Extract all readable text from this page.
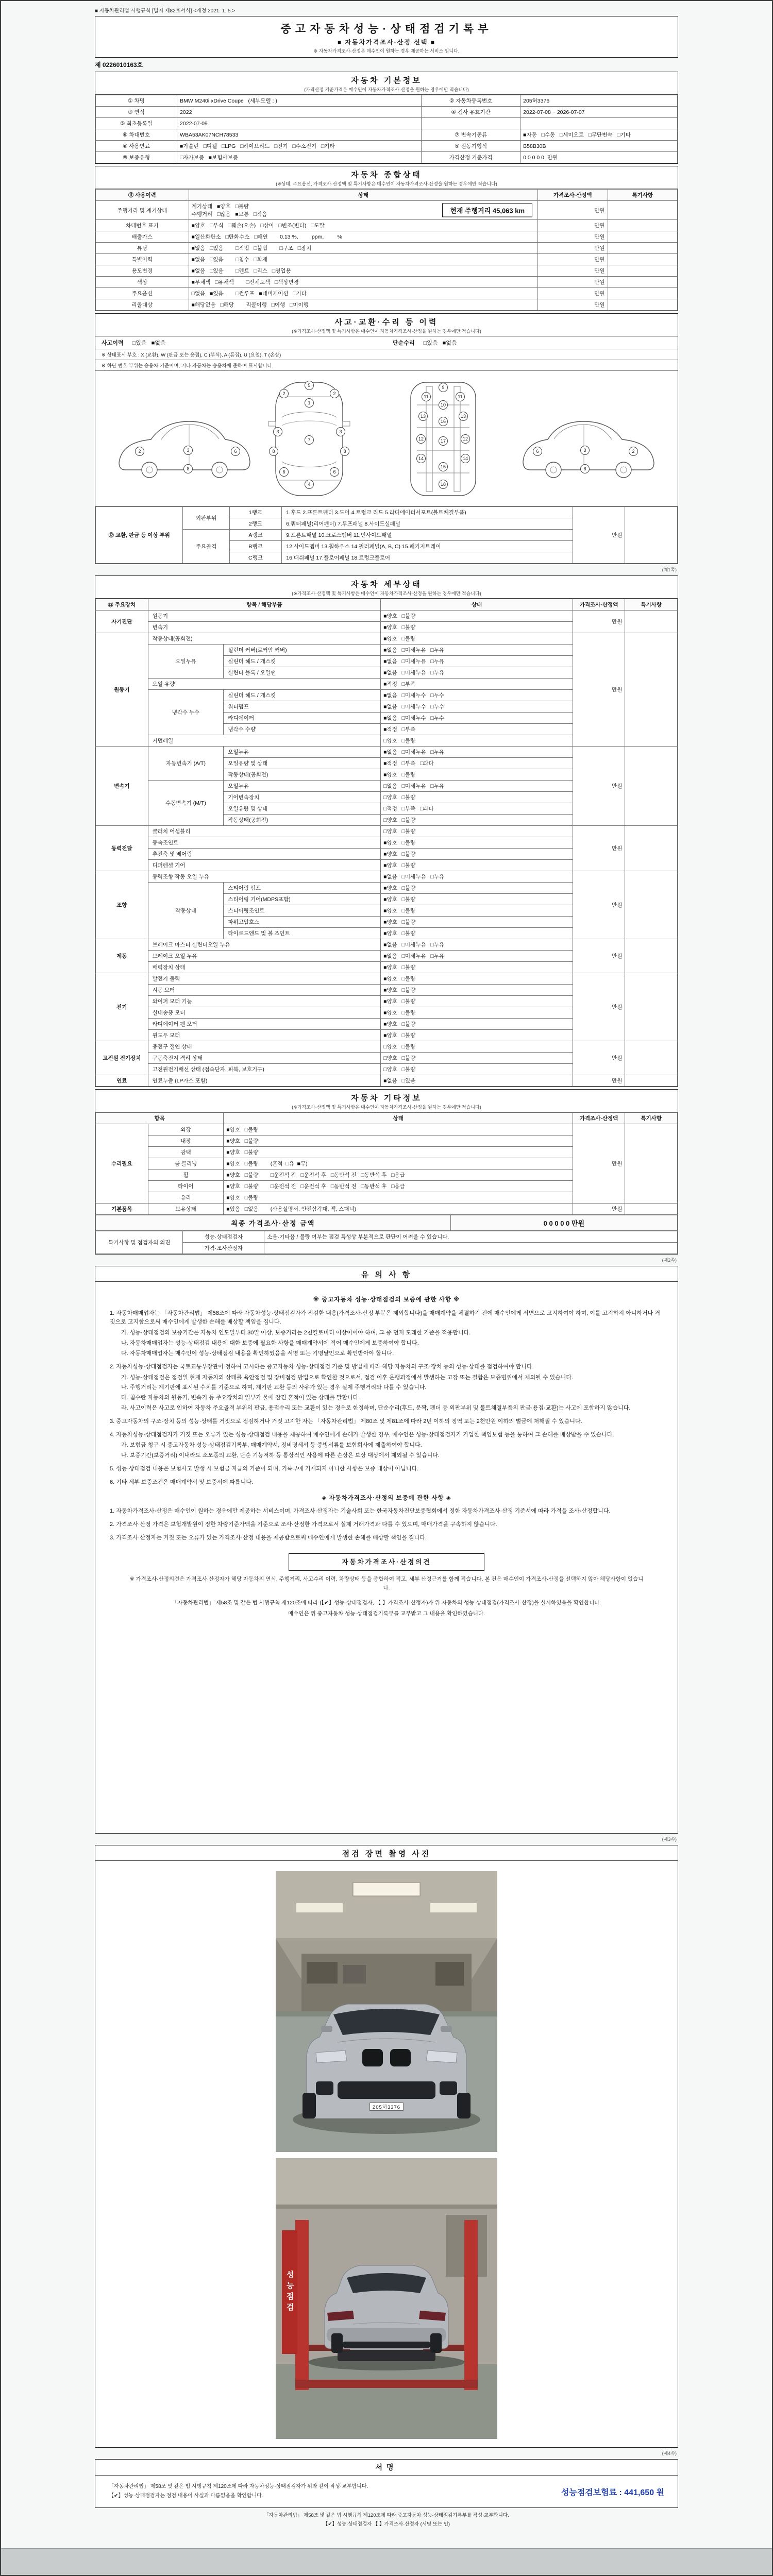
■ 자동차관리법 시행규칙 [별지 제82호서식] <개정 2021. 1. 5.>
중고자동차성능·상태점검기록부
■ 자동차가격조사·산정 선택 ■
※ 자동차가격조사·산정은 매수인이 원하는 경우 제공하는 서비스 입니다.
제 0226010163호
자동차 기본정보
(가격산정 기준가격은 매수인이 자동차가격조사·산정을 원하는 경우에만 적습니다)
① 차명	BMW M240i xDrive Coupe   (세부모델 : )	② 자동차등록번호	205허3376
③ 연식	2022	④ 검사 유효기간	2022-07-08 ~ 2026-07-07
⑤ 최초등록일	2022-07-09		
⑥ 차대번호	WBA53AK07NCH78533	⑦ 변속기종류	■자동   □수동   □세미오토   □무단변속   □기타
⑧ 사용연료	■가솔린   □디젤   □LPG   □하이브리드   □전기   □수소전기   □기타	⑨ 원동기형식	B58B30B
⑩ 보증유형	□자가보증   ■보험사보증	가격산정 기준가격	0 0 0 0 0  만원
자동차 종합상태
(※상태, 주요옵션, 가격조사·산정액 및 특기사항은 매수인이 자동차가격조사·산정을 원하는 경우에만 적습니다)
⑪ 사용이력	상태	가격조사·산정액	특기사항
주행거리 및 계기상태	계기상태   ■양호   □불량
주행거리   □많음   ■보통   □적음 현재 주행거리 45,063 km	만원	
차대번호 표기	■양호   □부식   □훼손(오손)   □상이   □변조(변타)   □도말	만원	
배출가스	■일산화탄소   □탄화수소   □매연        0.13 %,         ppm,         %	만원	
튜닝	■없음   □있음        □적법   □불법        □구조   □장치	만원	
특별이력	■없음   □있음        □침수   □화재	만원	
용도변경	■없음   □있음        □렌트   □리스   □영업용	만원	
색상	■무채색   □유채색        □전체도색   □색상변경	만원	
주요옵션	□없음   ■있음        □썬루프   ■네비게이션   □기타	만원	
리콜대상	■해당없음   □해당        리콜이행   □이행   □미이행	만원	
사고·교환·수리 등 이력
(※가격조사·산정액 및 특기사항은 매수인이 자동차가격조사·산정을 원하는 경우에만 적습니다)
사고이력 □있음   ■없음	단순수리 □있음   ■없음
※ 상태표시 부호 : X (교환), W (판금 또는 용접), C (부식), A (흠집), U (요철), T (손상)
※ 하단 번호 부위는 승용차 기준이며, 기타 자동차는 승용차에 준하여 표시합니다.
2	3	6
8
5
1
2	2
3	3
7
8	8
6	6
4
9
10
11	11
13	13
16
12	12
17
14	14
15
18
6	3	2
8
⑫ 교환, 판금 등 이상 부위	외판부위	1랭크	1.후드 2.프론트펜더 3.도어 4.트렁크 리드 5.라디에이터서포트(볼트체결부품)	만원	
		2랭크	6.쿼터패널(리어펜더) 7.루프패널 8.사이드실패널		
	주요골격	A랭크	9.프론트패널 10.크로스멤버 11.인사이드패널		
		B랭크	12.사이드멤버 13.휠하우스 14.필러패널(A, B, C) 15.패키지트레이		
		C랭크	16.대쉬패널 17.플로어패널 18.트렁크플로어		
(제1쪽)
자동차 세부상태
(※가격조사·산정액 및 특기사항은 매수인이 자동차가격조사·산정을 원하는 경우에만 적습니다)
⑬ 주요장치	항목 / 해당부품		상태	가격조사·산정액	특기사항
자기진단	원동기		■양호   □불량	만원	
	변속기		■양호   □불량		
원동기	작동상태(공회전)		■양호   □불량	만원	
	오일누유	실린더 커버(로커암 커버)	■없음   □미세누유   □누유		
		실린더 헤드 / 개스킷	■없음   □미세누유   □누유		
		실린더 블록 / 오일팬	■없음   □미세누유   □누유		
	오일 유량		■적정   □부족		
	냉각수 누수	실린더 헤드 / 개스킷	■없음   □미세누수   □누수		
		워터펌프	■없음   □미세누수   □누수		
		라디에이터	■없음   □미세누수   □누수		
		냉각수 수량	■적정   □부족		
	커먼레일		□양호   □불량		
변속기	자동변속기 (A/T)	오일누유	■없음   □미세누유   □누유	만원	
		오일유량 및 상태	■적정   □부족   □과다		
		작동상태(공회전)	■양호   □불량		
	수동변속기 (M/T)	오일누유	□없음   □미세누유   □누유		
		기어변속장치	□양호   □불량		
		오일유량 및 상태	□적정   □부족   □과다		
		작동상태(공회전)	□양호   □불량		
동력전달	클러치 어셈블리		□양호   □불량	만원	
	등속조인트		■양호   □불량		
	추진축 및 베어링		■양호   □불량		
	디퍼렌셜 기어		■양호   □불량		
조향	동력조향 작동 오일 누유		■없음   □미세누유   □누유	만원	
	작동상태	스티어링 펌프	■양호   □불량		
		스티어링 기어(MDPS포함)	■양호   □불량		
		스티어링조인트	■양호   □불량		
		파워고압호스	■양호   □불량		
		타이로드엔드 및 볼 조인트	■양호   □불량		
제동	브레이크 마스터 실린더오일 누유		■없음   □미세누유   □누유	만원	
	브레이크 오일 누유		■없음   □미세누유   □누유		
	배력장치 상태		■양호   □불량		
전기	발전기 출력		■양호   □불량	만원	
	시동 모터		■양호   □불량		
	와이퍼 모터 기능		■양호   □불량		
	실내송풍 모터		■양호   □불량		
	라디에이터 팬 모터		■양호   □불량		
	윈도우 모터		■양호   □불량		
고전원 전기장치	충전구 절연 상태		□양호   □불량	만원	
	구동축전지 격리 상태		□양호   □불량		
	고전원전기배선 상태 (접속단자, 피복, 보호기구)		□양호   □불량		
연료	연료누출 (LP가스 포함)		■없음   □있음	만원	
자동차 기타정보
(※가격조사·산정액 및 특기사항은 매수인이 자동차가격조사·산정을 원하는 경우에만 적습니다)
항목		상태	가격조사·산정액	특기사항
수리필요	외장	■양호   □불량	만원	
	내장	■양호   □불량		
	광택	■양호   □불량		
	룸 클리닝	■양호   □불량        (흔적  □유  ■무)		
	휠	■양호   □불량        □운전석 전   □운전석 후   □동반석 전   □동반석 후   □응급		
	타이어	■양호   □불량        □운전석 전   □운전석 후   □동반석 전   □동반석 후   □응급		
	유리	■양호   □불량		
기본품목	보유상태	■있음   □없음        (사용설명서, 안전삼각대, 잭, 스패너)	만원	
최종 가격조사·산정 금액	0 0 0 0 0 만원
특기사항 및 점검자의 의견	성능·상태점검자	소음·기타음 / 불량 여부는 점검 특성상 부분적으로 판단이 어려울 수 있습니다.
	가격·조사산정자	
(제2쪽)
유 의 사 항
※ 중고자동차 성능·상태점검의 보증에 관한 사항 ※
1. 자동차매매업자는 「자동차관리법」 제58조에 따라 자동차성능·상태점검자가 점검한 내용(가격조사·산정 부분은 제외합니다)을 매매계약을 체결하기 전에 매수인에게 서면으로 고지하여야 하며, 이를 고지하지 아니하거나 거짓으로 고지함으로써 매수인에게 발생한 손해를 배상할 책임을 집니다.
가. 성능·상태점검의 보증기간은 자동차 인도일부터 30일 이상, 보증거리는 2천킬로미터 이상이어야 하며, 그 중 먼저 도래한 기준을 적용합니다.
나. 자동차매매업자는 성능·상태점검 내용에 대한 보증에 필요한 사항을 매매계약서에 적어 매수인에게 보증하여야 합니다.
다. 자동차매매업자는 매수인이 성능·상태점검 내용을 확인하였음을 서명 또는 기명날인으로 확인받아야 합니다.
2. 자동차성능·상태점검자는 국토교통부장관이 정하여 고시하는 중고자동차 성능·상태점검 기준 및 방법에 따라 해당 자동차의 구조·장치 등의 성능·상태를 점검하여야 합니다.
가. 성능·상태점검은 점검일 현재 자동차의 상태를 육안점검 및 장비점검 방법으로 확인한 것으로서, 점검 이후 운행과정에서 발생하는 고장 또는 결함은 보증범위에서 제외될 수 있습니다.
나. 주행거리는 계기판에 표시된 수치를 기준으로 하며, 계기판 교환 등의 사유가 있는 경우 실제 주행거리와 다를 수 있습니다.
다. 침수란 자동차의 원동기, 변속기 등 주요장치의 일부가 물에 잠긴 흔적이 있는 상태를 말합니다.
라. 사고이력은 사고로 인하여 자동차 주요골격 부위의 판금, 용접수리 또는 교환이 있는 경우로 한정하며, 단순수리(후드, 문짝, 펜더 등 외판부위 및 볼트체결부품의 판금·용접·교환)는 사고에 포함하지 않습니다.
3. 중고자동차의 구조·장치 등의 성능·상태를 거짓으로 점검하거나 거짓 고지한 자는 「자동차관리법」 제80조 및 제81조에 따라 2년 이하의 징역 또는 2천만원 이하의 벌금에 처해질 수 있습니다.
4. 자동차성능·상태점검자가 거짓 또는 오류가 있는 성능·상태점검 내용을 제공하여 매수인에게 손해가 발생한 경우, 매수인은 성능·상태점검자가 가입한 책임보험 등을 통하여 그 손해를 배상받을 수 있습니다.
가. 보험금 청구 시 중고자동차 성능·상태점검기록부, 매매계약서, 정비명세서 등 증빙서류를 보험회사에 제출하여야 합니다.
나. 보증기간(보증거리) 이내라도 소모품의 교환, 단순 기능저하 등 통상적인 사용에 따른 손상은 보상 대상에서 제외될 수 있습니다.
5. 성능·상태점검 내용은 보험사고 발생 시 보험금 지급의 기준이 되며, 기록부에 기재되지 아니한 사항은 보증 대상이 아닙니다.
6. 기타 세부 보증조건은 매매계약서 및 보증서에 따릅니다.
◈ 자동차가격조사·산정의 보증에 관한 사항 ◈
1. 자동차가격조사·산정은 매수인이 원하는 경우에만 제공하는 서비스이며, 가격조사·산정자는 기술사회 또는 한국자동차진단보증협회에서 정한 자동차가격조사·산정 기준서에 따라 가격을 조사·산정합니다.
2. 가격조사·산정 가격은 보험개발원이 정한 차량기준가액을 기준으로 조사·산정한 가격으로서 실제 거래가격과 다를 수 있으며, 매매가격을 구속하지 않습니다.
3. 가격조사·산정자는 거짓 또는 오류가 있는 가격조사·산정 내용을 제공함으로써 매수인에게 발생한 손해를 배상할 책임을 집니다.
자동차가격조사·산정의견
※ 가격조사·산정의견은 가격조사·산정자가 해당 자동차의 연식, 주행거리, 사고수리 이력, 차량상태 등을 종합하여 적고, 세부 산정근거를 함께 적습니다. 본 건은 매수인이 가격조사·산정을 선택하지 않아 해당사항이 없습니다.
「자동차관리법」 제58조 및 같은 법 시행규칙 제120조에 따라 (【✔】성능·상태점검자, 【 】가격조사·산정자)가 위 자동차의 성능·상태점검(가격조사·산정)을 실시하였음을 확인합니다.
매수인은 위 중고자동차 성능·상태점검기록부를 교부받고 그 내용을 확인하였습니다.
(제3쪽)
점검 장면 촬영 사진
205허3376
성능점검
(제4쪽)
서명
「자동차관리법」 제58조 및 같은 법 시행규칙 제120조에 따라 자동차성능·상태점검자가 위와 같이 작성·교부합니다.
【✔】성능·상태점검자는 점검 내용이 사실과 다름없음을 확인합니다.	성능점검보험료 : 441,650 원
「자동차관리법」 제58조 및 같은 법 시행규칙 제120조에 따라 중고자동차 성능·상태점검기록부를 작성·교부합니다.
【✔】성능·상태점검자 【 】가격조사·산정자 (서명 또는 인)
